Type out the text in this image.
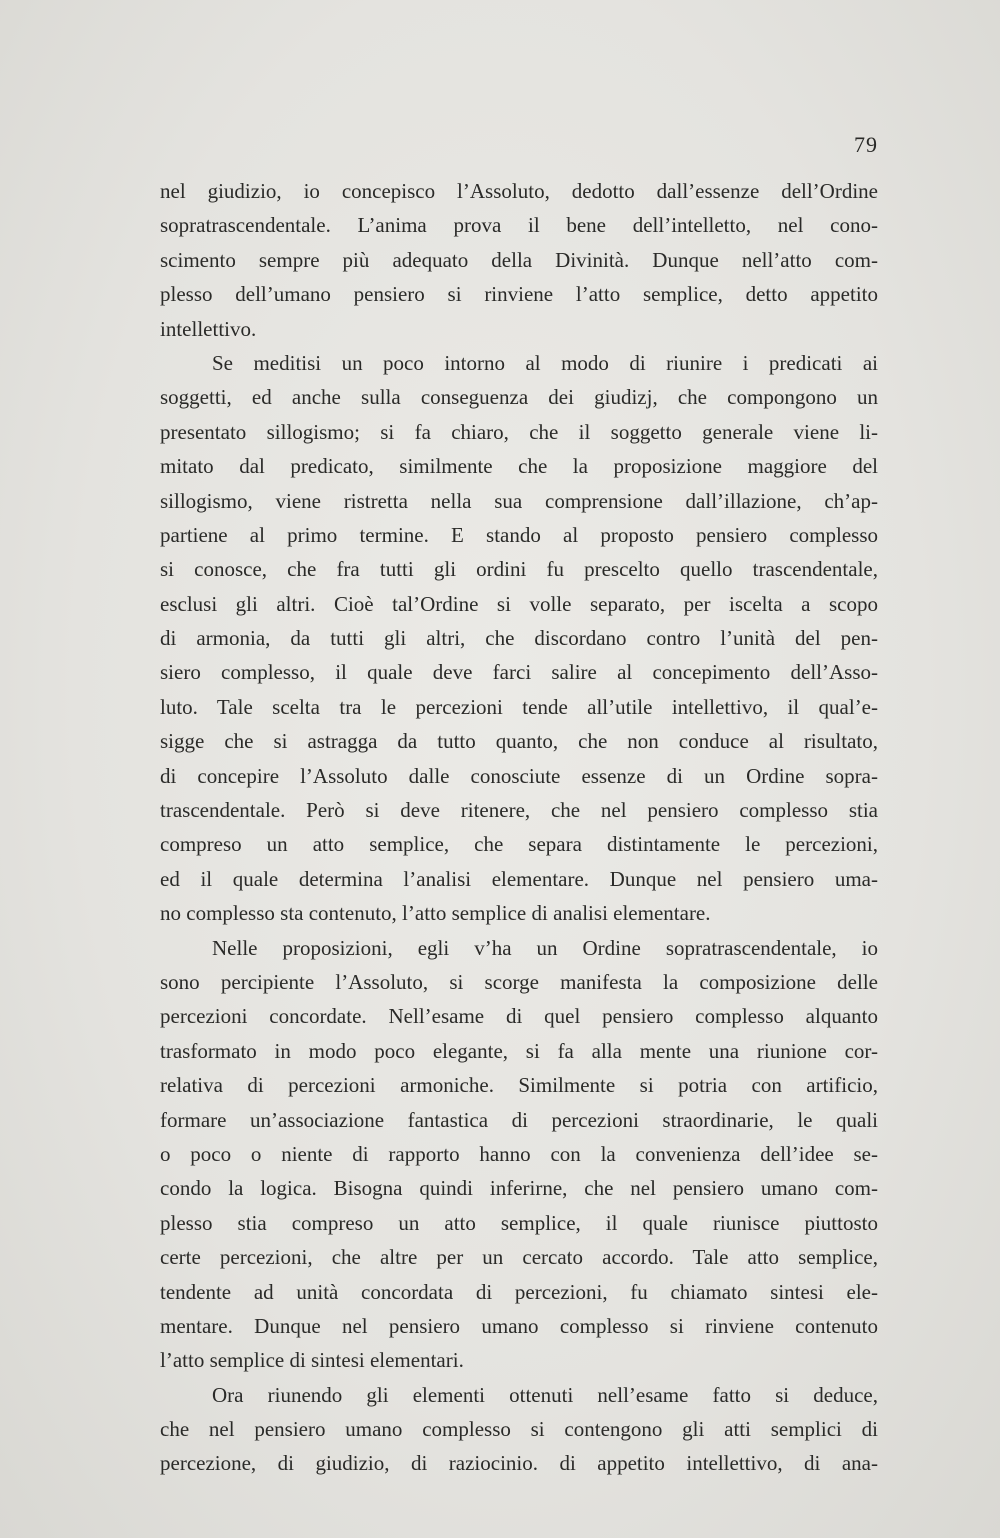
79
nel giudizio, io concepisco l’Assoluto, dedotto dall’essenze dell’Ordine
sopratrascendentale. L’anima prova il bene dell’intelletto, nel cono-
scimento sempre più adequato della Divinità. Dunque nell’atto com-
plesso dell’umano pensiero si rinviene l’atto semplice, detto appetito
intellettivo.
Se meditisi un poco intorno al modo di riunire i predicati ai
soggetti, ed anche sulla conseguenza dei giudizj, che compongono un
presentato sillogismo; si fa chiaro, che il soggetto generale viene li-
mitato dal predicato, similmente che la proposizione maggiore del
sillogismo, viene ristretta nella sua comprensione dall’illazione, ch’ap-
partiene al primo termine. E stando al proposto pensiero complesso
si conosce, che fra tutti gli ordini fu prescelto quello trascendentale,
esclusi gli altri. Cioè tal’Ordine si volle separato, per iscelta a scopo
di armonia, da tutti gli altri, che discordano contro l’unità del pen-
siero complesso, il quale deve farci salire al concepimento dell’Asso-
luto. Tale scelta tra le percezioni tende all’utile intellettivo, il qual’e-
sigge che si astragga da tutto quanto, che non conduce al risultato,
di concepire l’Assoluto dalle conosciute essenze di un Ordine sopra-
trascendentale. Però si deve ritenere, che nel pensiero complesso stia
compreso un atto semplice, che separa distintamente le percezioni,
ed il quale determina l’analisi elementare. Dunque nel pensiero uma-
no complesso sta contenuto, l’atto semplice di analisi elementare.
Nelle proposizioni, egli v’ha un Ordine sopratrascendentale, io
sono percipiente l’Assoluto, si scorge manifesta la composizione delle
percezioni concordate. Nell’esame di quel pensiero complesso alquanto
trasformato in modo poco elegante, si fa alla mente una riunione cor-
relativa di percezioni armoniche. Similmente si potria con artificio,
formare un’associazione fantastica di percezioni straordinarie, le quali
o poco o niente di rapporto hanno con la convenienza dell’idee se-
condo la logica. Bisogna quindi inferirne, che nel pensiero umano com-
plesso stia compreso un atto semplice, il quale riunisce piuttosto
certe percezioni, che altre per un cercato accordo. Tale atto semplice,
tendente ad unità concordata di percezioni, fu chiamato sintesi ele-
mentare. Dunque nel pensiero umano complesso si rinviene contenuto
l’atto semplice di sintesi elementari.
Ora riunendo gli elementi ottenuti nell’esame fatto si deduce,
che nel pensiero umano complesso si contengono gli atti semplici di
percezione, di giudizio, di raziocinio. di appetito intellettivo, di ana-
